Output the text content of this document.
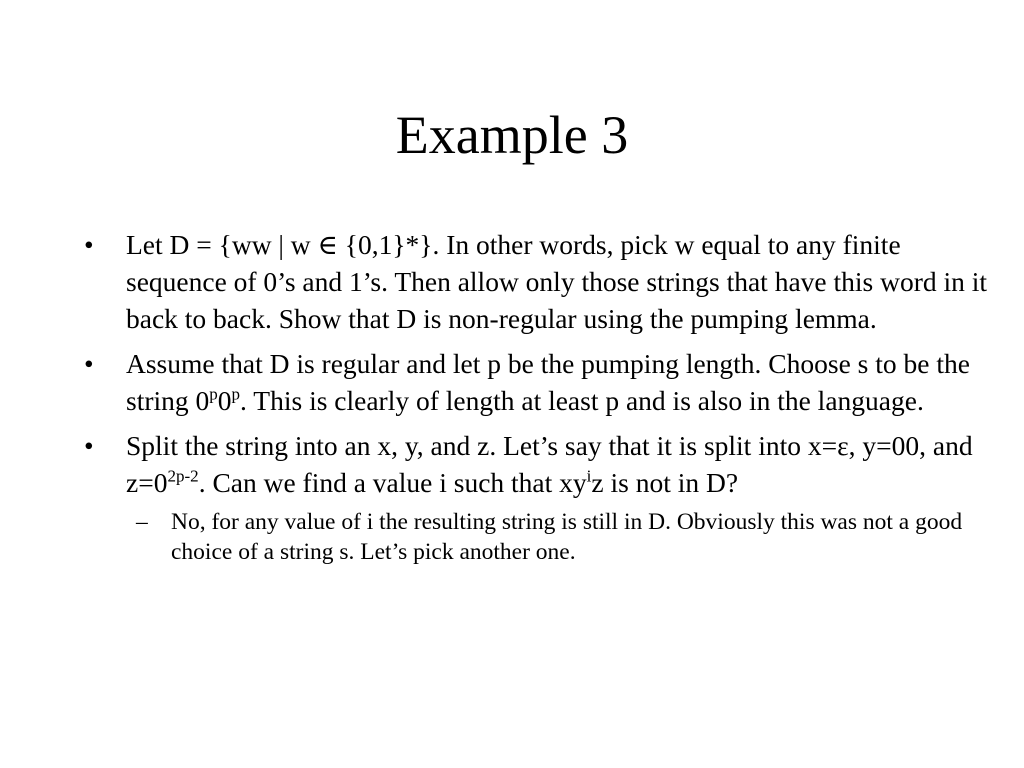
Example 3
• Let D = {ww | w ∈ {0,1}*}. In other words, pick w equal to any finite sequence of 0’s and 1’s. Then allow only those strings that have this word in it back to back. Show that D is non-regular using the pumping lemma.
• Assume that D is regular and let p be the pumping length. Choose s to be the string 0$^p$0$^p$. This is clearly of length at least p and is also in the language.
• Split the string into an x, y, and z. Let’s say that it is split into x=ε, y=00, and $z=0^{2p-2}$. Can we find a value i such that $xy^iz$ is not in D?
– No, for any value of i the resulting string is still in D. Obviously this was not a good choice of a string s. Let’s pick another one.
